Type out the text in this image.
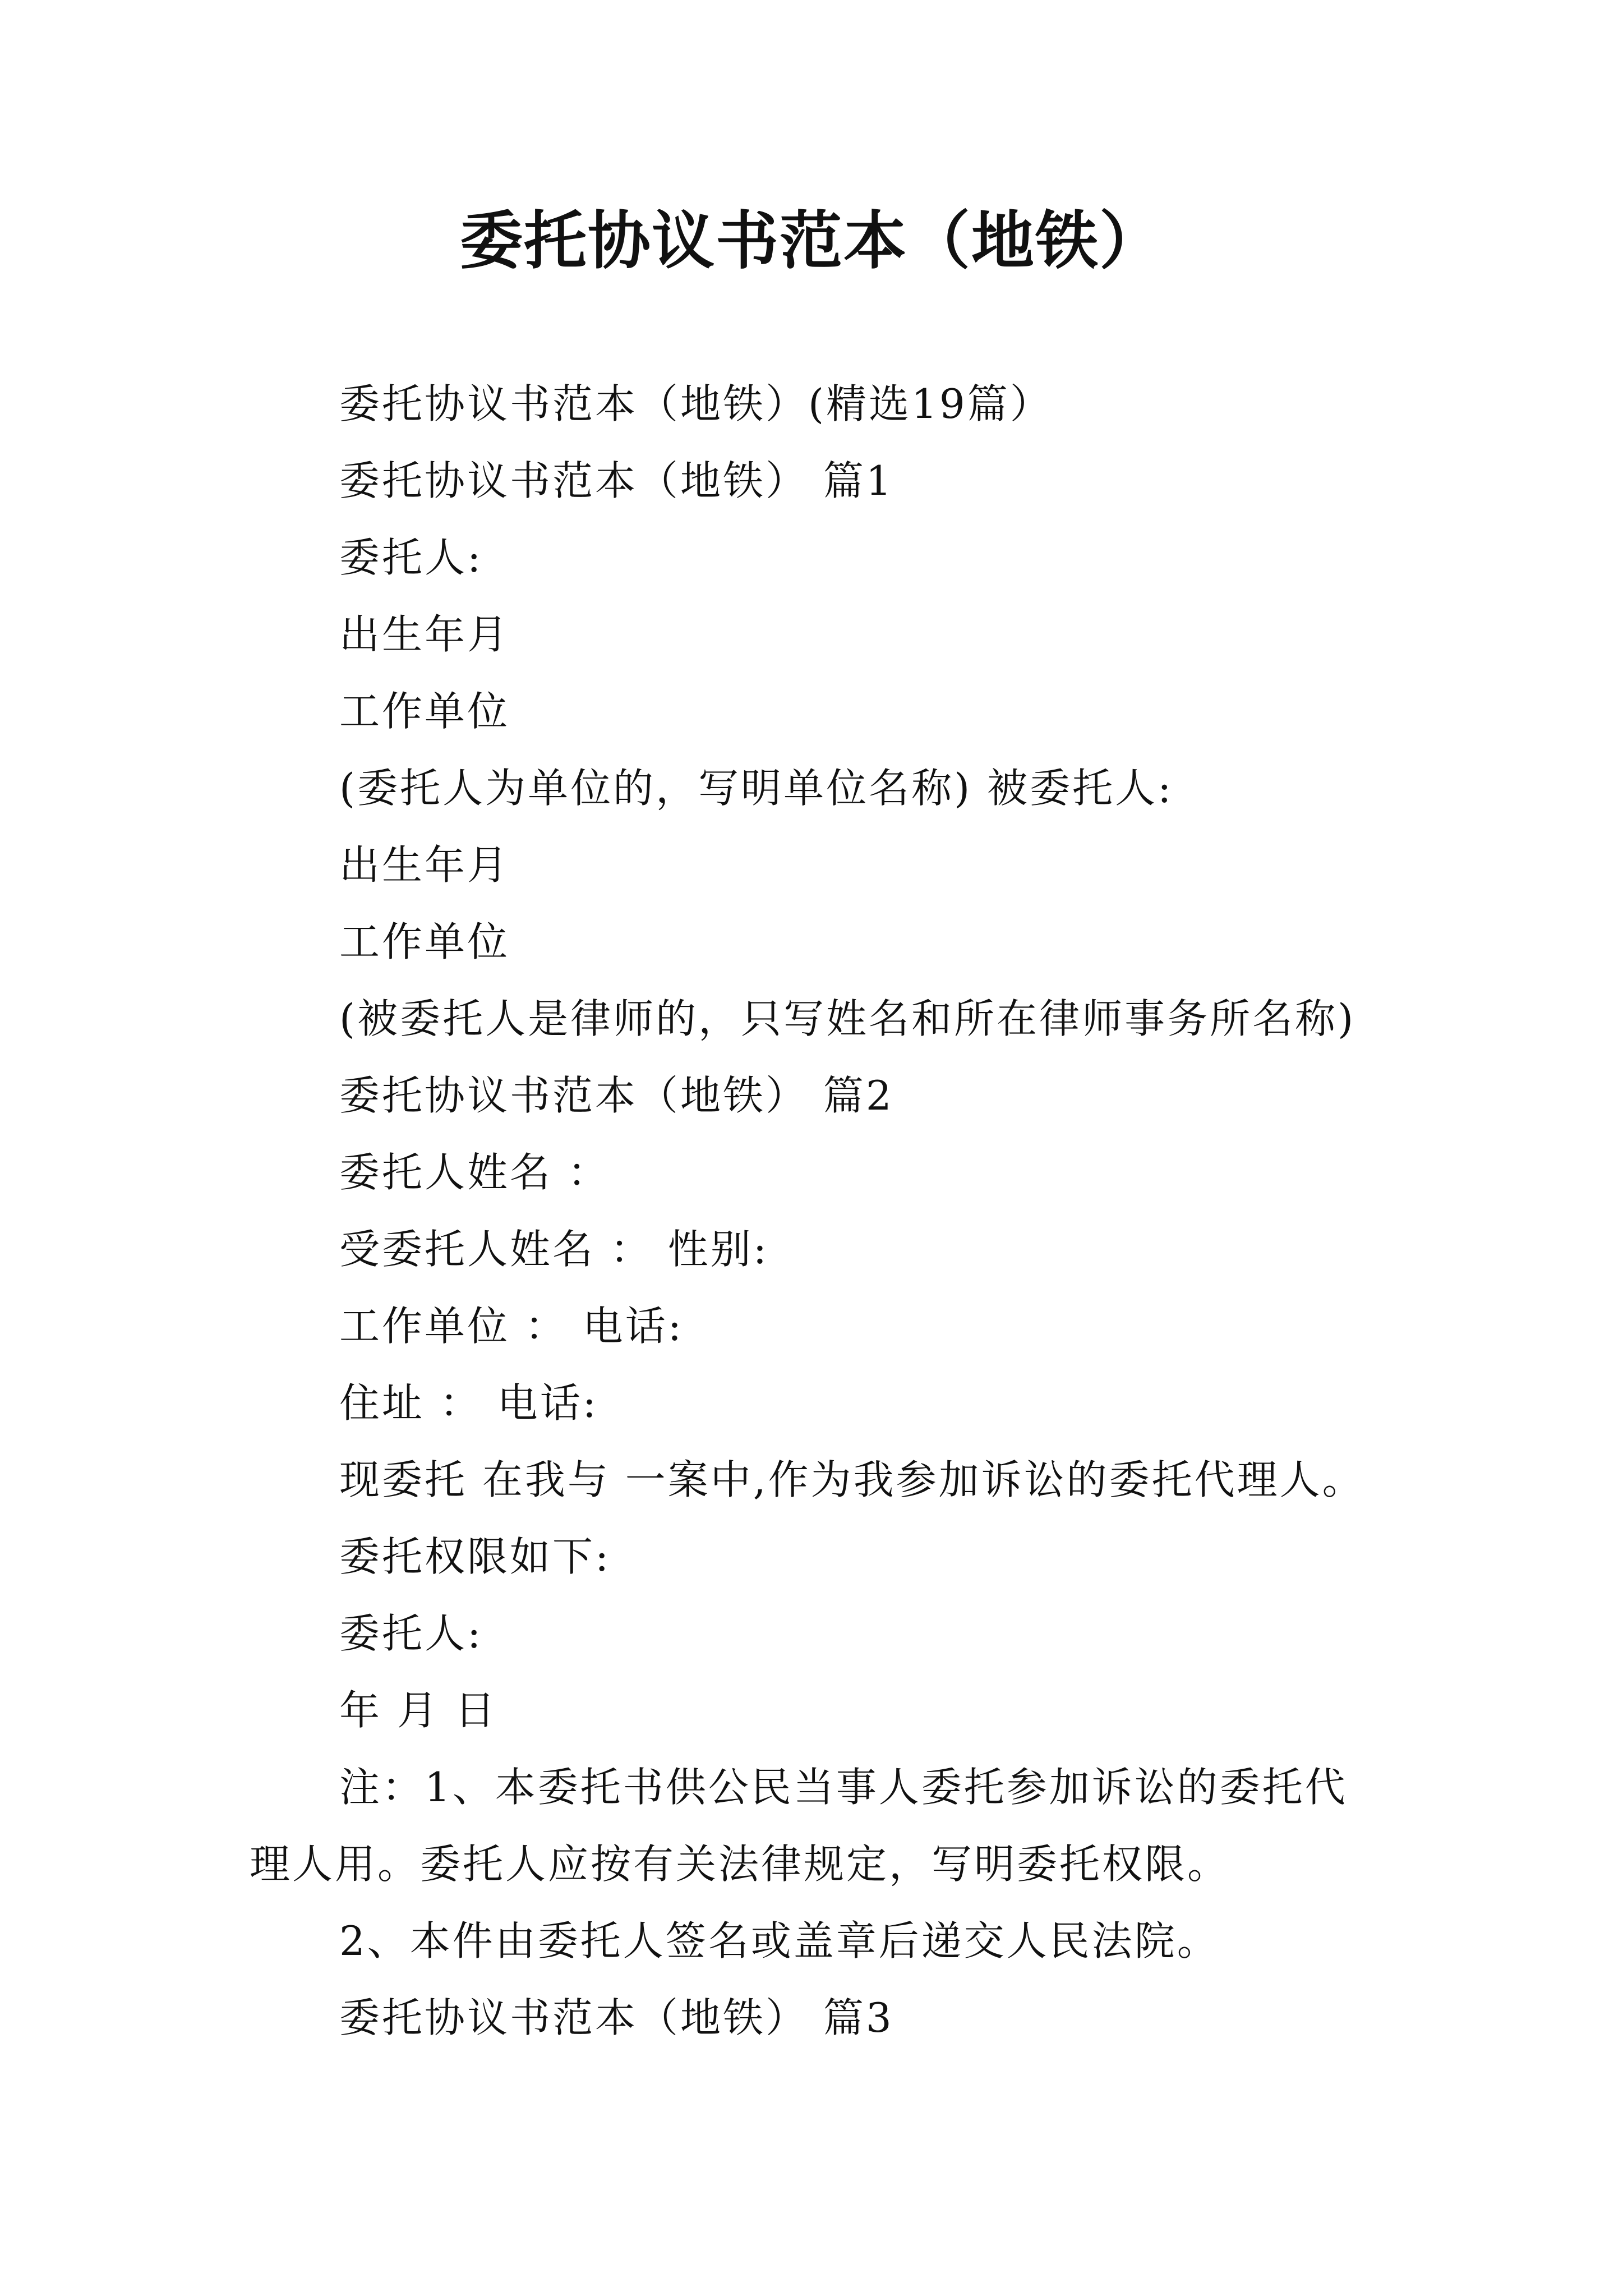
委托协议书范本（地铁）
委托协议书范本（地铁）(精选19篇）
委托协议书范本（地铁） 篇1
委托人:
出生年月
工作单位
(委托人为单位的，写明单位名称) 被委托人:
出生年月
工作单位
(被委托人是律师的，只写姓名和所在律师事务所名称)
委托协议书范本（地铁） 篇2
委托人姓名 ：
受委托人姓名 ： 性别:
工作单位 ： 电话:
住址 ： 电话:
现委托 在我与 一案中,作为我参加诉讼的委托代理人。
委托权限如下:
委托人:
年 月 日
注：1、本委托书供公民当事人委托参加诉讼的委托代
理人用。委托人应按有关法律规定，写明委托权限。
2、本件由委托人签名或盖章后递交人民法院。
委托协议书范本（地铁） 篇3
